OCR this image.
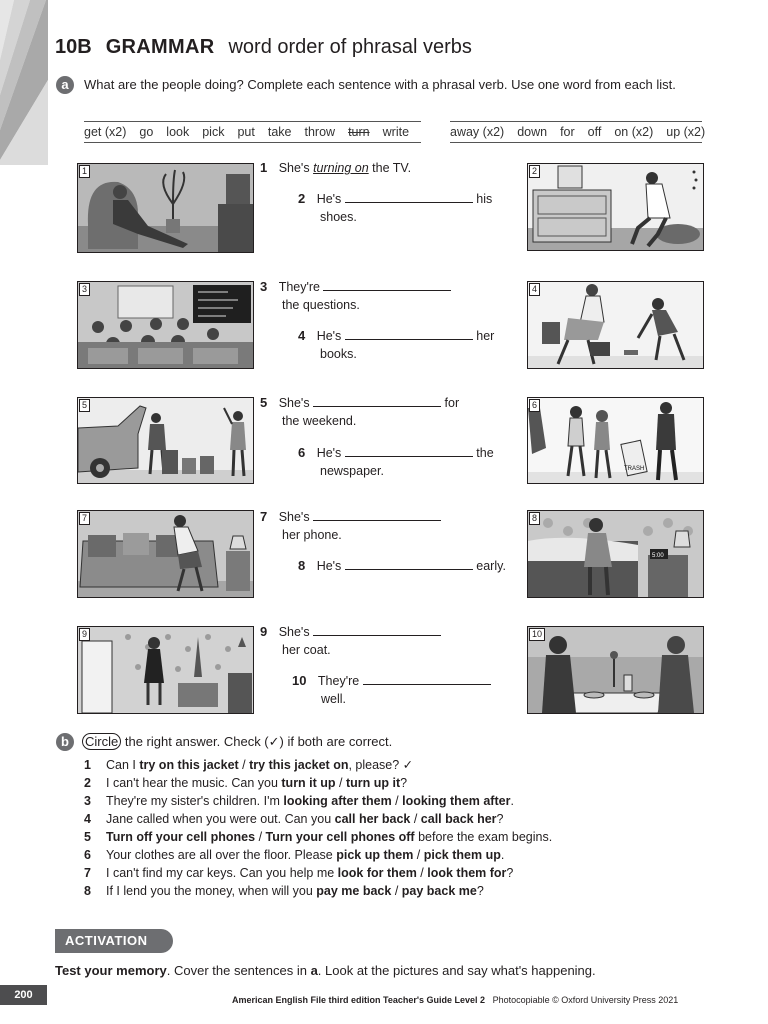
10B GRAMMAR word order of phrasal verbs
a	What are the people doing? Complete each sentence with a phrasal verb. Use one word from each list.
get (x2) go look pick put take throw turn write	away (x2) down for off on (x2) up (x2)
1
3
5
7
9
2
4
TRASH
6
5:00
8
10
1 She's turning on the TV.
2 He's	his
shoes.
3 They're
the questions.
4 He's	her
books.
5 She's	for
the weekend.
6 He's	the
newspaper.
7 She's
her phone.
8 He's	early.
9 She's
her coat.
10 They're
well.
b	Circle the right answer. Check (✓) if both are correct.
1 Can I try on this jacket / try this jacket on, please? ✓
2 I can't hear the music. Can you turn it up / turn up it?
3 They're my sister's children. I'm looking after them / looking them after.
4 Jane called when you were out. Can you call her back / call back her?
5 Turn off your cell phones / Turn your cell phones off before the exam begins.
6 Your clothes are all over the floor. Please pick up them / pick them up.
7 I can't find my car keys. Can you help me look for them / look them for?
8 If I lend you the money, when will you pay me back / pay back me?
ACTIVATION
Test your memory. Cover the sentences in a. Look at the pictures and say what's happening.
200	American English File third edition Teacher's Guide Level 2 Photocopiable © Oxford University Press 2021
